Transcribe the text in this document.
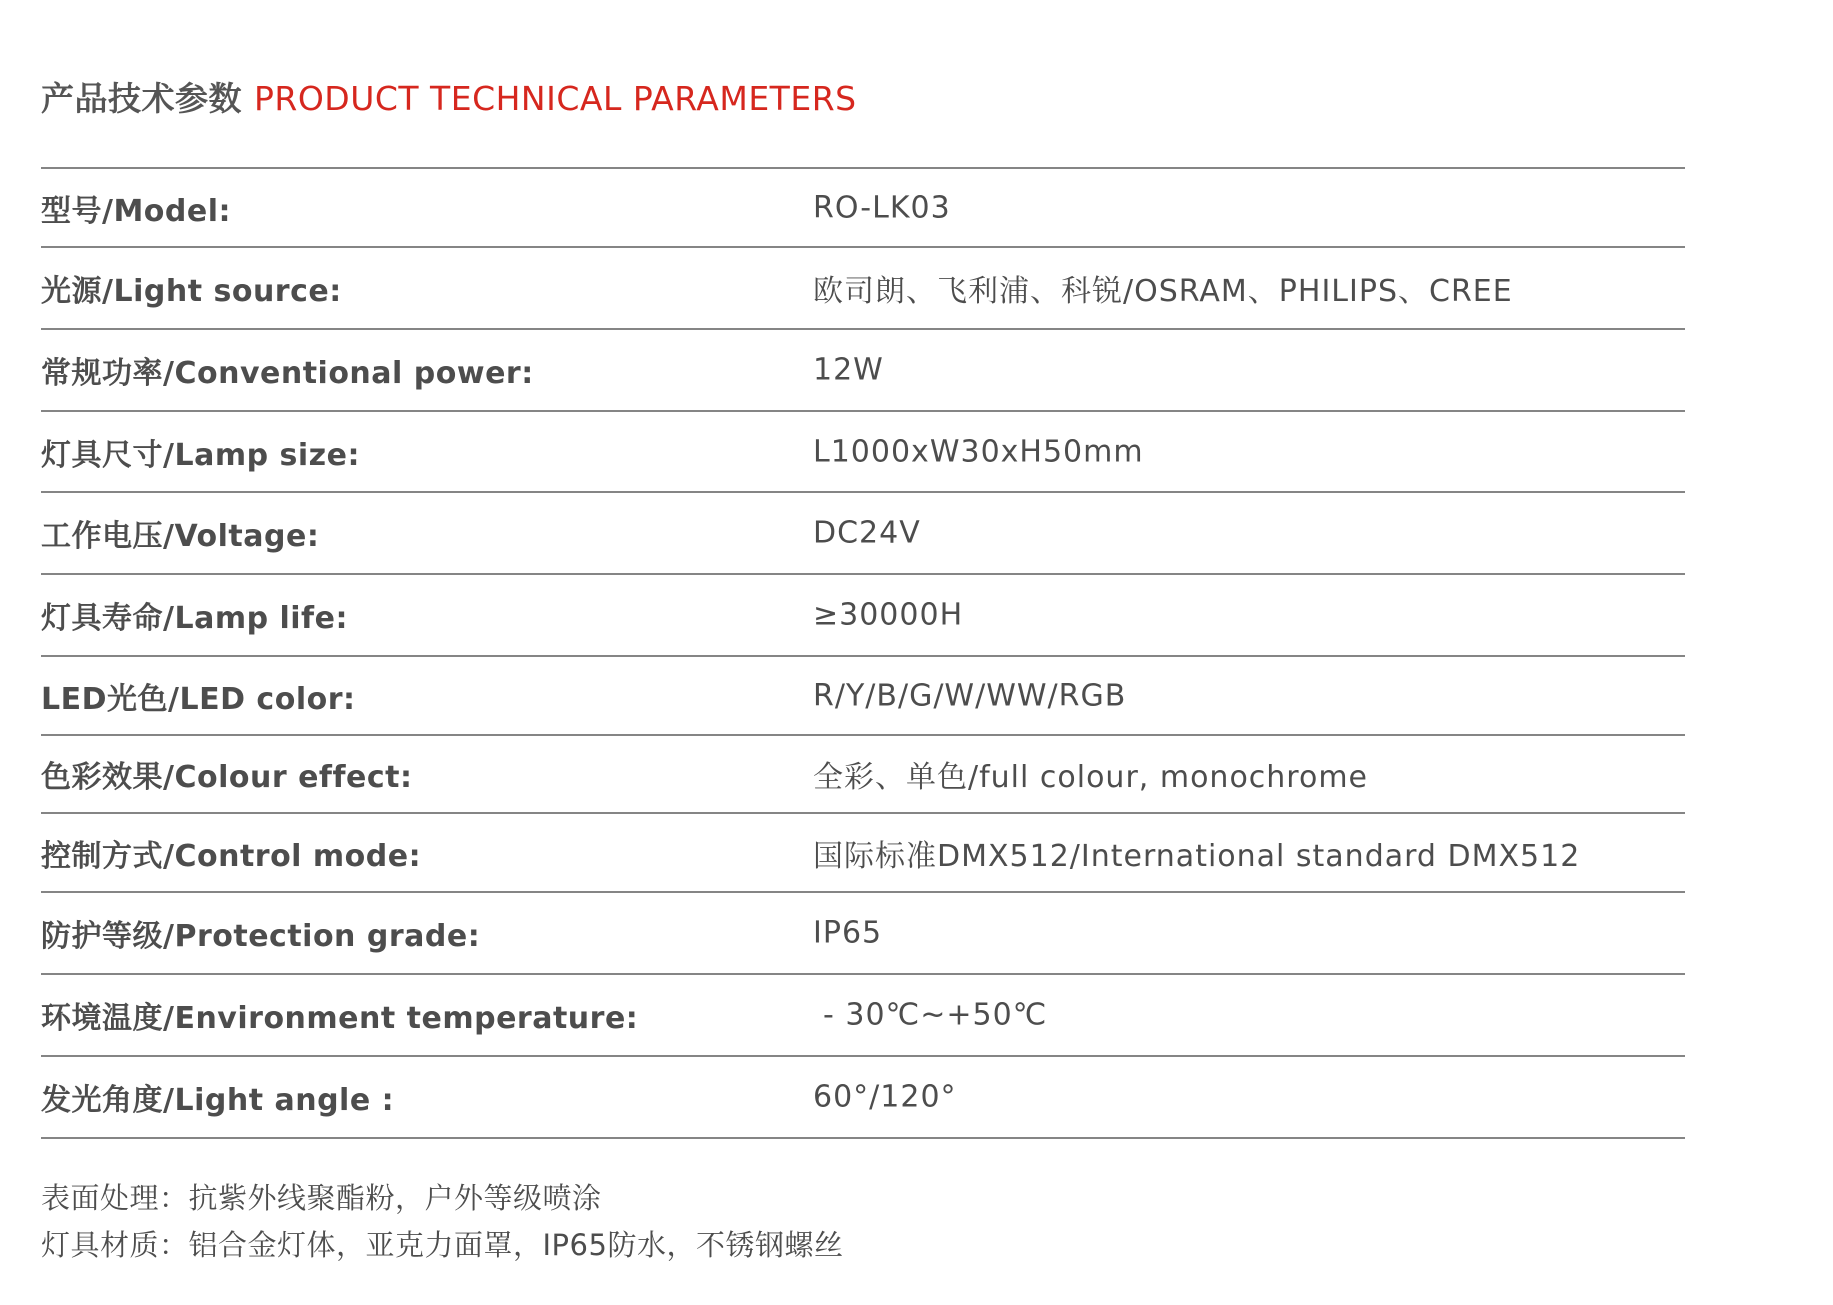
产品技术参数 PRODUCT TECHNICAL PARAMETERS
型号/Model:	RO-LK03
光源/Light source:	欧司朗、飞利浦、科锐/OSRAM、PHILIPS、CREE
常规功率/Conventional power:	12W
灯具尺寸/Lamp size:	L1000xW30xH50mm
工作电压/Voltage:	DC24V
灯具寿命/Lamp life:	≥30000H
LED光色/LED color:	R/Y/B/G/W/WW/RGB
色彩效果/Colour effect:	全彩、单色/full colour, monochrome
控制方式/Control mode:	国际标准DMX512/International standard DMX512
防护等级/Protection grade:	IP65
环境温度/Environment temperature:	- 30℃~+50℃
发光角度/Light angle :	60°/120°
表面处理：抗紫外线聚酯粉，户外等级喷涂
灯具材质：铝合金灯体，亚克力面罩，IP65防水，不锈钢螺丝
